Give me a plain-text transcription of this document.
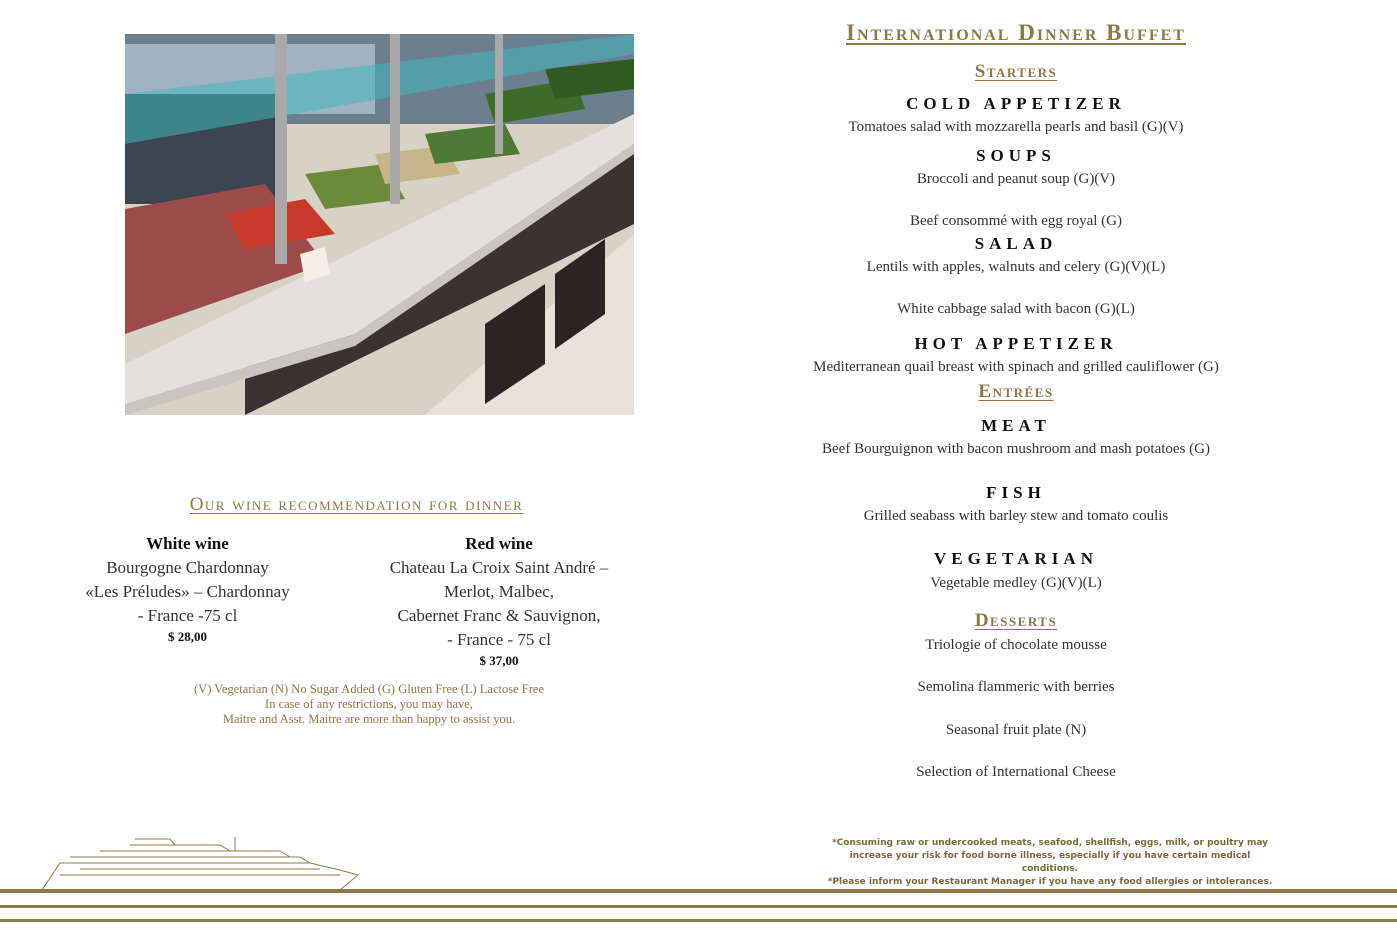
Our wine recommendation for dinner
White wine
Bourgogne Chardonnay
«Les Préludes» – Chardonnay
- France -75 cl
$ 28,00
Red wine
Chateau La Croix Saint André –
Merlot, Malbec,
Cabernet Franc & Sauvignon,
- France - 75 cl
$ 37,00
(V) Vegetarian (N) No Sugar Added (G) Gluten Free (L) Lactose Free
In case of any restrictions, you may have,
Maitre and Asst. Maitre are more than happy to assist you.
International Dinner Buffet
Starters
COLD APPETIZER
Tomatoes salad with mozzarella pearls and basil (G)(V)
SOUPS
Broccoli and peanut soup (G)(V)
Beef consommé with egg royal (G)
SALAD
Lentils with apples, walnuts and celery (G)(V)(L)
White cabbage salad with bacon (G)(L)
HOT APPETIZER
Mediterranean quail breast with spinach and grilled cauliflower (G)
Entrées
MEAT
Beef Bourguignon with bacon mushroom and mash potatoes (G)
FISH
Grilled seabass with barley stew and tomato coulis
VEGETARIAN
Vegetable medley (G)(V)(L)
Desserts
Triologie of chocolate mousse
Semolina flammeric with berries
Seasonal fruit plate (N)
Selection of International Cheese
*Consuming raw or undercooked meats, seafood, shellfish, eggs, milk, or poultry may
increase your risk for food borne illness, especially if you have certain medical conditions.
*Please inform your Restaurant Manager if you have any food allergies or intolerances.
